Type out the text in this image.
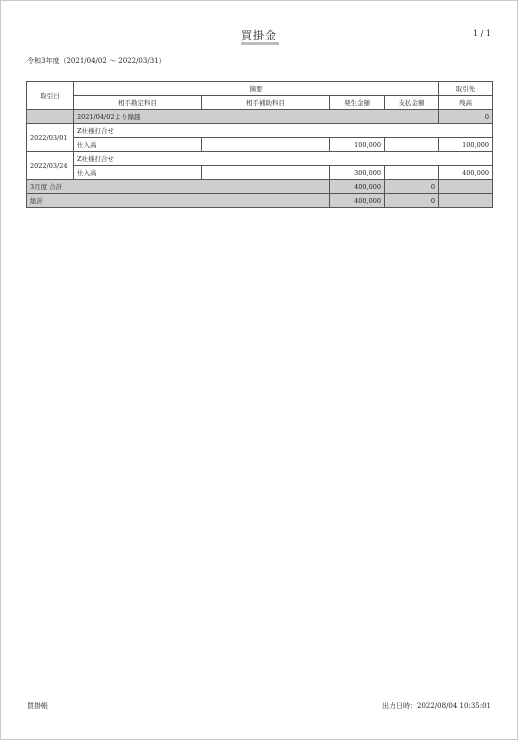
買掛金	1 / 1
令和3年度（2021/04/02 ～ 2022/03/31）
取引日	摘要				取引先
	相手勘定科目	相手補助科目	発生金額	支払金額	残高
	2021/04/02より繰越				0
2022/03/01	Z社様打合せ				
	仕入高		100,000		100,000
2022/03/24	Z社様打合せ				
	仕入高		300,000		400,000
3月度 合計			400,000	0	
総計			400,000	0	
買掛帳	出力日時：2022/08/04 10:35:01
